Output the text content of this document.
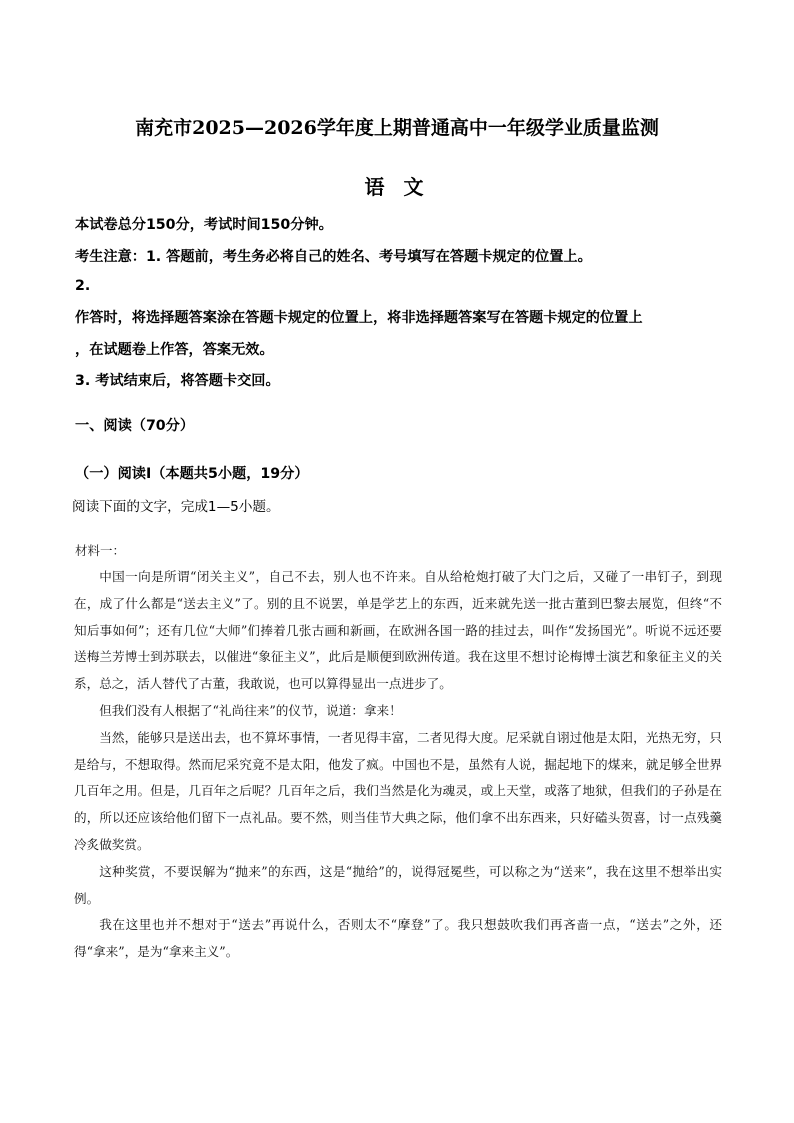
南充市2025—2026学年度上期普通高中一年级学业质量监测
语 文
本试卷总分150分，考试时间150分钟。
考生注意：1. 答题前，考生务必将自己的姓名、考号填写在答题卡规定的位置上。
2.
作答时，将选择题答案涂在答题卡规定的位置上，将非选择题答案写在答题卡规定的位置上
，在试题卷上作答，答案无效。
3. 考试结束后，将答题卡交回。
一、阅读（70分）
（一）阅读I（本题共5小题，19分）
阅读下面的文字，完成1—5小题。
材料一：

中国一向是所谓“闭关主义”，自己不去，别人也不许来。自从给枪炮打破了大门之后，又碰了一串钉子，到现在，成了什么都是“送去主义”了。别的且不说罢，单是学艺上的东西，近来就先送一批古董到巴黎去展览，但终“不知后事如何”；还有几位“大师”们捧着几张古画和新画，在欧洲各国一路的挂过去，叫作“发扬国光”。听说不远还要送梅兰芳博士到苏联去，以催进“象征主义”，此后是顺便到欧洲传道。我在这里不想讨论梅博士演艺和象征主义的关系，总之，活人替代了古董，我敢说，也可以算得显出一点进步了。

但我们没有人根据了“礼尚往来”的仪节，说道：拿来！

当然，能够只是送出去，也不算坏事情，一者见得丰富，二者见得大度。尼采就自诩过他是太阳，光热无穷，只是给与，不想取得。然而尼采究竟不是太阳，他发了疯。中国也不是，虽然有人说，掘起地下的煤来，就足够全世界几百年之用。但是，几百年之后呢？几百年之后，我们当然是化为魂灵，或上天堂，或落了地狱，但我们的子孙是在的，所以还应该给他们留下一点礼品。要不然，则当佳节大典之际，他们拿不出东西来，只好磕头贺喜，讨一点残羹冷炙做奖赏。

这种奖赏，不要误解为“抛来”的东西，这是“抛给”的，说得冠冕些，可以称之为“送来”，我在这里不想举出实例。

我在这里也并不想对于“送去”再说什么，否则太不“摩登”了。我只想鼓吹我们再吝啬一点，“送去”之外，还得“拿来”，是为“拿来主义”。
